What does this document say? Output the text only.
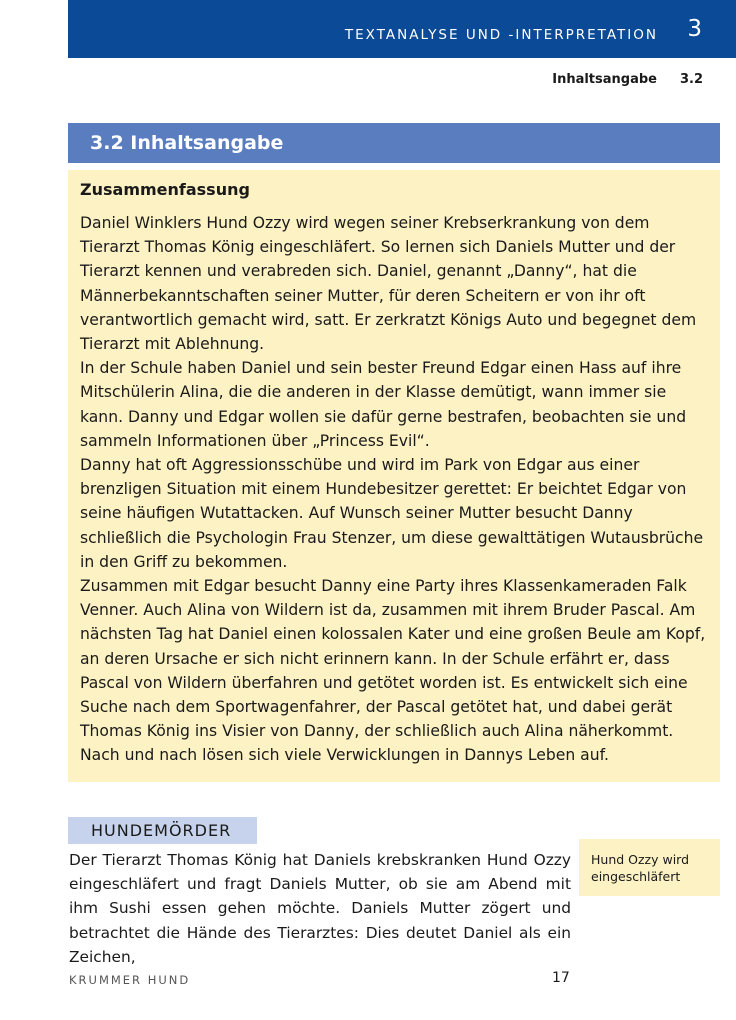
TEXTANALYSE UND -INTERPRETATION 3
Inhaltsangabe 3.2
3.2 Inhaltsangabe
Zusammenfassung

Daniel Winklers Hund Ozzy wird wegen seiner Krebserkrankung von dem Tierarzt Thomas König eingeschläfert. So lernen sich Daniels Mutter und der Tierarzt kennen und verabreden sich. Daniel, genannt „Danny“, hat die Männerbekanntschaften seiner Mutter, für deren Scheitern er von ihr oft verantwortlich gemacht wird, satt. Er zerkratzt Königs Auto und begegnet dem Tierarzt mit Ablehnung.

In der Schule haben Daniel und sein bester Freund Edgar einen Hass auf ihre Mitschülerin Alina, die die anderen in der Klasse demütigt, wann immer sie kann. Danny und Edgar wollen sie dafür gerne bestrafen, beobachten sie und sammeln Informationen über „Princess Evil“.

Danny hat oft Aggressionsschübe und wird im Park von Edgar aus einer brenzligen Situation mit einem Hundebesitzer gerettet: Er beichtet Edgar von seine häufigen Wutattacken. Auf Wunsch seiner Mutter besucht Danny schließlich die Psychologin Frau Stenzer, um diese gewalttätigen Wutausbrüche in den Griff zu bekommen.

Zusammen mit Edgar besucht Danny eine Party ihres Klassenkameraden Falk Venner. Auch Alina von Wildern ist da, zusammen mit ihrem Bruder Pascal. Am nächsten Tag hat Daniel einen kolossalen Kater und eine großen Beule am Kopf, an deren Ursache er sich nicht erinnern kann. In der Schule erfährt er, dass Pascal von Wildern überfahren und getötet worden ist. Es entwickelt sich eine Suche nach dem Sportwagenfahrer, der Pascal getötet hat, und dabei gerät Thomas König ins Visier von Danny, der schließlich auch Alina näherkommt. Nach und nach lösen sich viele Verwicklungen in Dannys Leben auf.

HUNDEMÖRDER

Der Tierarzt Thomas König hat Daniels krebskranken Hund Ozzy eingeschläfert und fragt Daniels Mutter, ob sie am Abend mit ihm Sushi essen gehen möchte. Daniels Mutter zögert und betrachtet die Hände des Tierarztes: Dies deutet Daniel als ein Zeichen,

Hund Ozzy wird eingeschläfert
KRUMMER HUND	17
